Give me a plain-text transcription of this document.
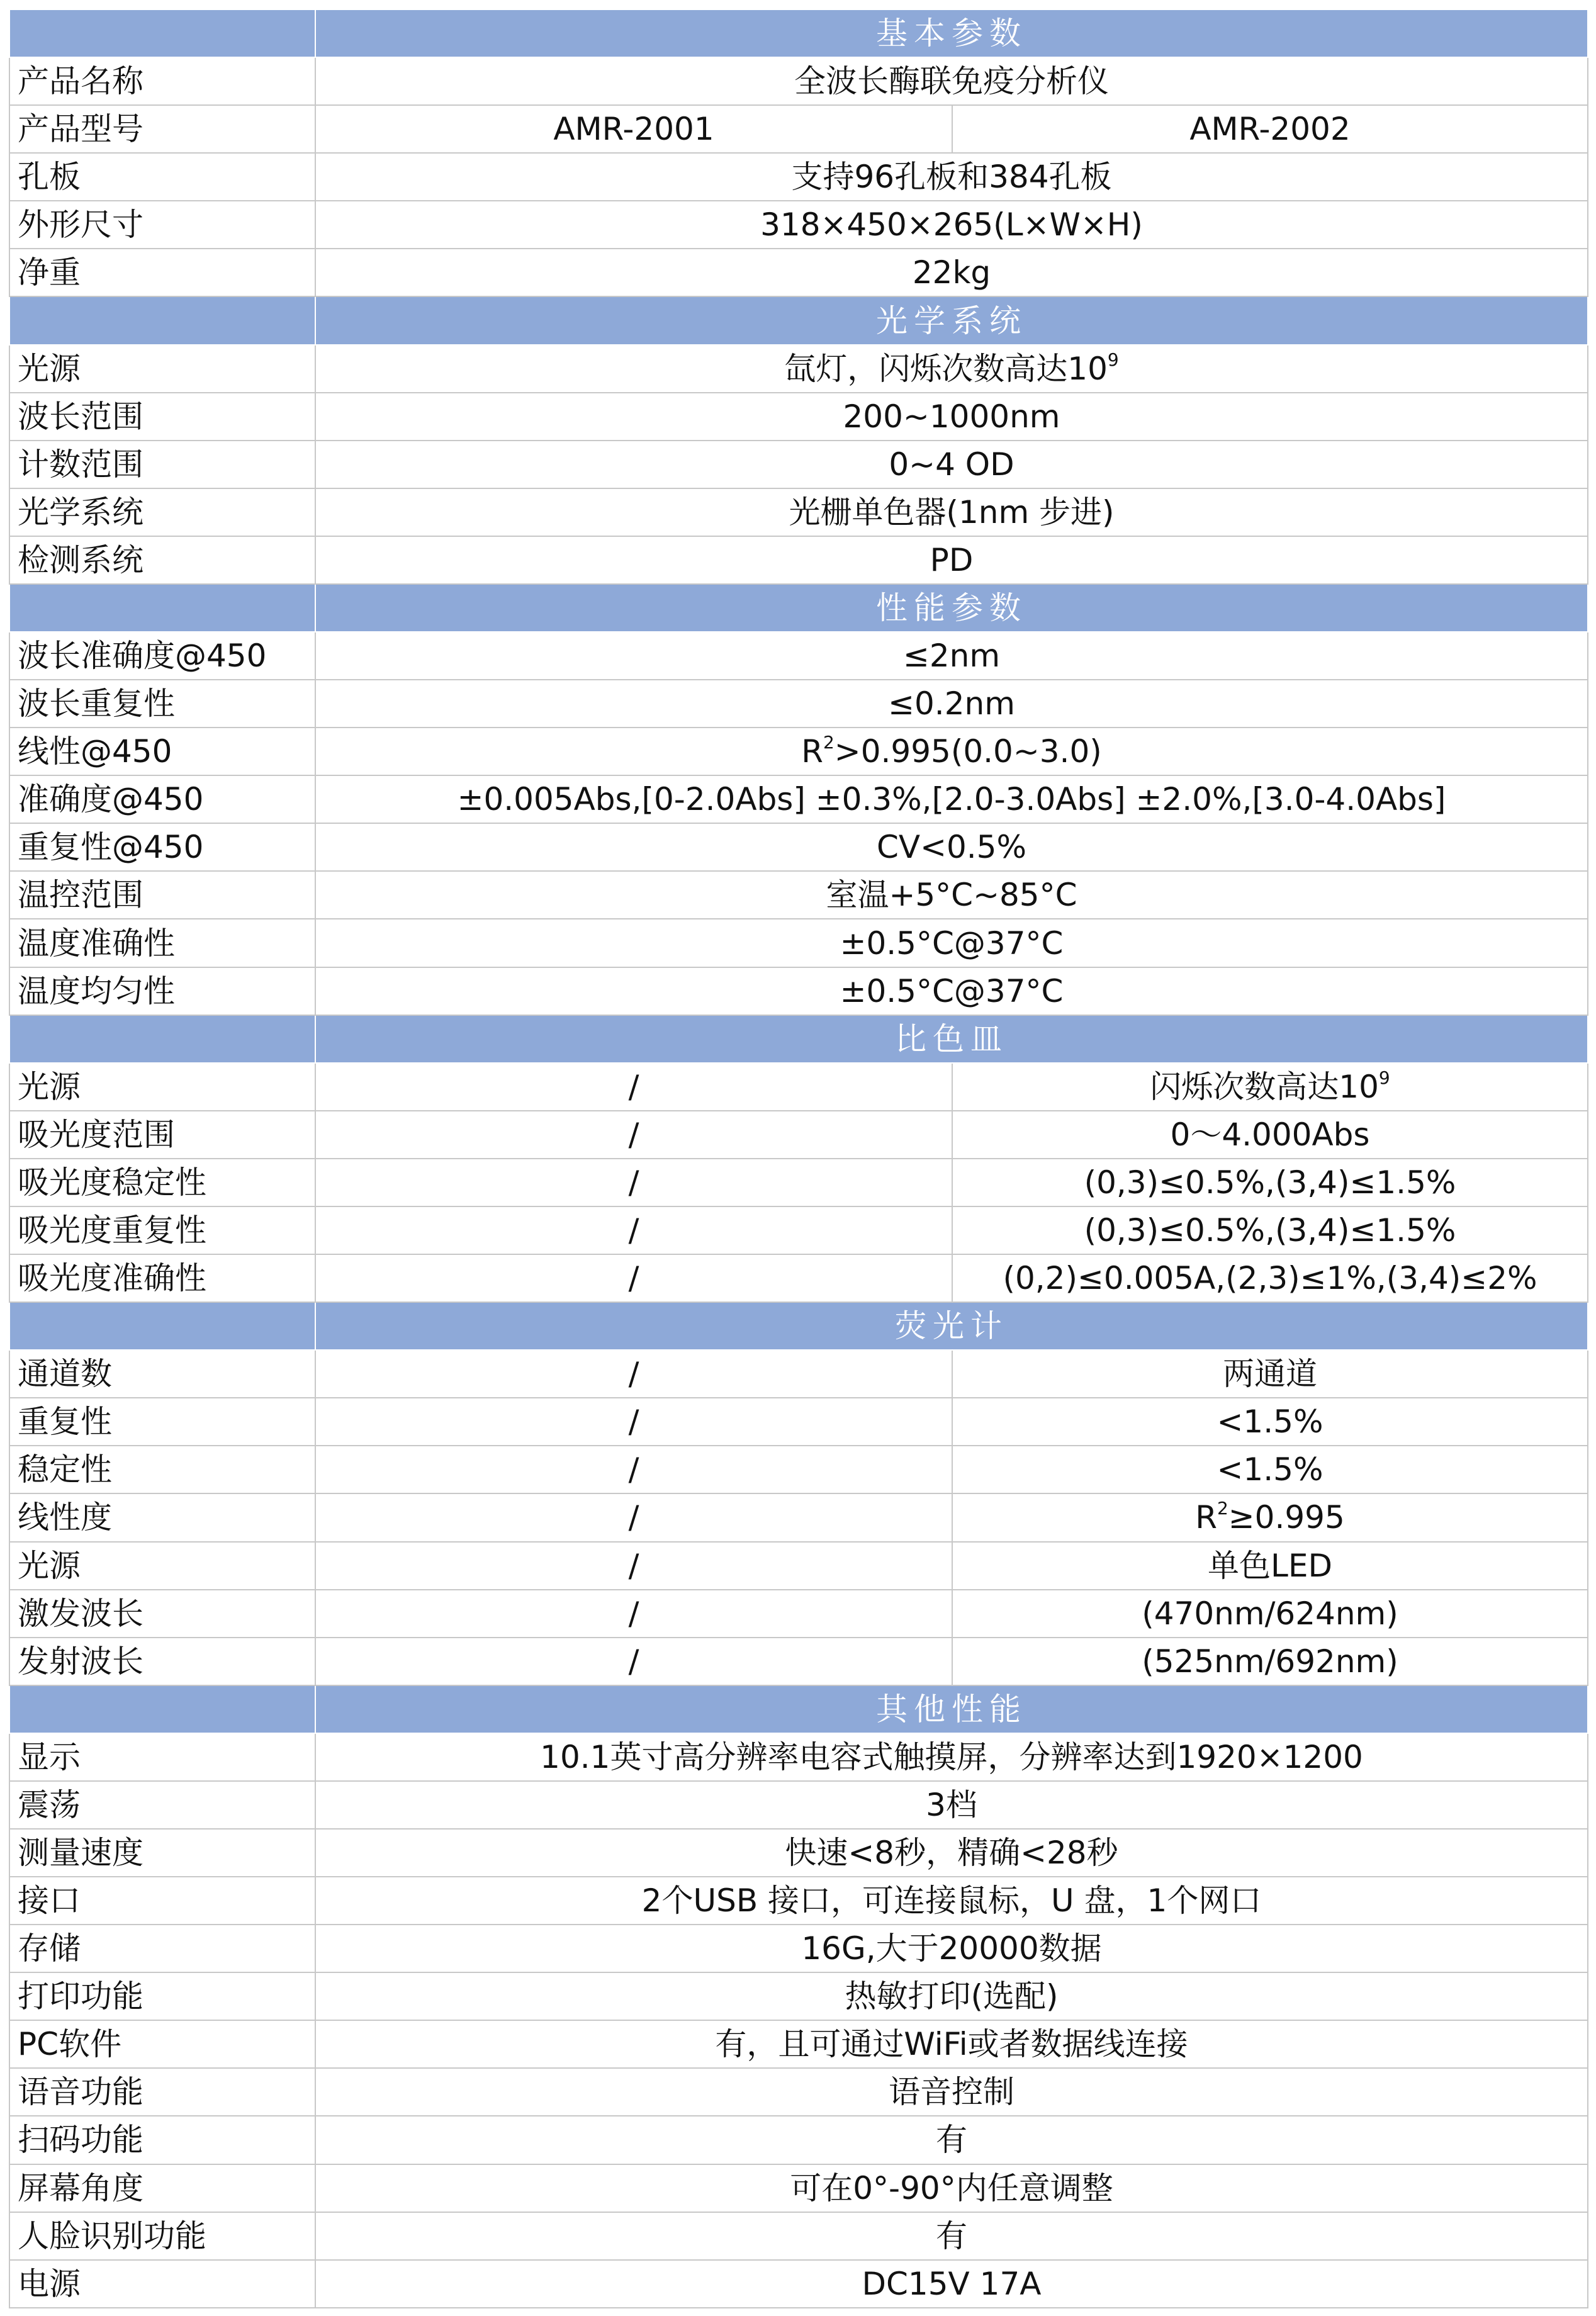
	基本参数	
产品名称	全波长酶联免疫分析仪	
产品型号	AMR-2001	AMR-2002
孔板	支持96孔板和384孔板	
外形尺寸	318×450×265(L×W×H)	
净重	22kg	
	光学系统	
光源	氙灯，闪烁次数高达$10^9$
波长范围	200~1000nm	
计数范围	0~4 OD	
光学系统	光栅单色器(1nm 步进)	
检测系统	PD	
	性能参数	
波长准确度@450	≤2nm	
波长重复性	≤0.2nm	
线性@450	$R^2>0.995(0.0\sim 3.0)$	
准确度@450	±0.005Abs,[0-2.0Abs] ±0.3%,[2.0-3.0Abs] ±2.0%,[3.0-4.0Abs]	
重复性@450	CV<0.5%	
温控范围	室温+5°C~85°C	
温度准确性	±0.5°C@37°C	
温度均匀性	±0.5°C@37°C	
	比色皿	
光源	/	闪烁次数高达$10^9$
吸光度范围	/	0～4.000Abs
吸光度稳定性	/	(0,3)≤0.5%,(3,4)≤1.5%
吸光度重复性	/	(0,3)≤0.5%,(3,4)≤1.5%
吸光度准确性	/	(0,2)≤0.005A,(2,3)≤1%,(3,4)≤2%
	荧光计	
通道数	/	两通道
重复性	/	<1.5%
稳定性	/	<1.5%
线性度	/	$R^2\ge 0.995$
光源	/	单色LED
激发波长	/	(470nm/624nm)
发射波长	/	(525nm/692nm)
	其他性能	
显示	10.1英寸高分辨率电容式触摸屏，分辨率达到1920×1200	
震荡	3档	
测量速度	快速<8秒，精确<28秒	
接口	2个USB 接口，可连接鼠标，U 盘，1个网口	
存储	16G,大于20000数据	
打印功能	热敏打印(选配)	
PC软件	有，且可通过WiFi或者数据线连接	
语音功能	语音控制	
扫码功能	有	
屏幕角度	可在0°-90°内任意调整	
人脸识别功能	有	
电源	DC15V 17A	
